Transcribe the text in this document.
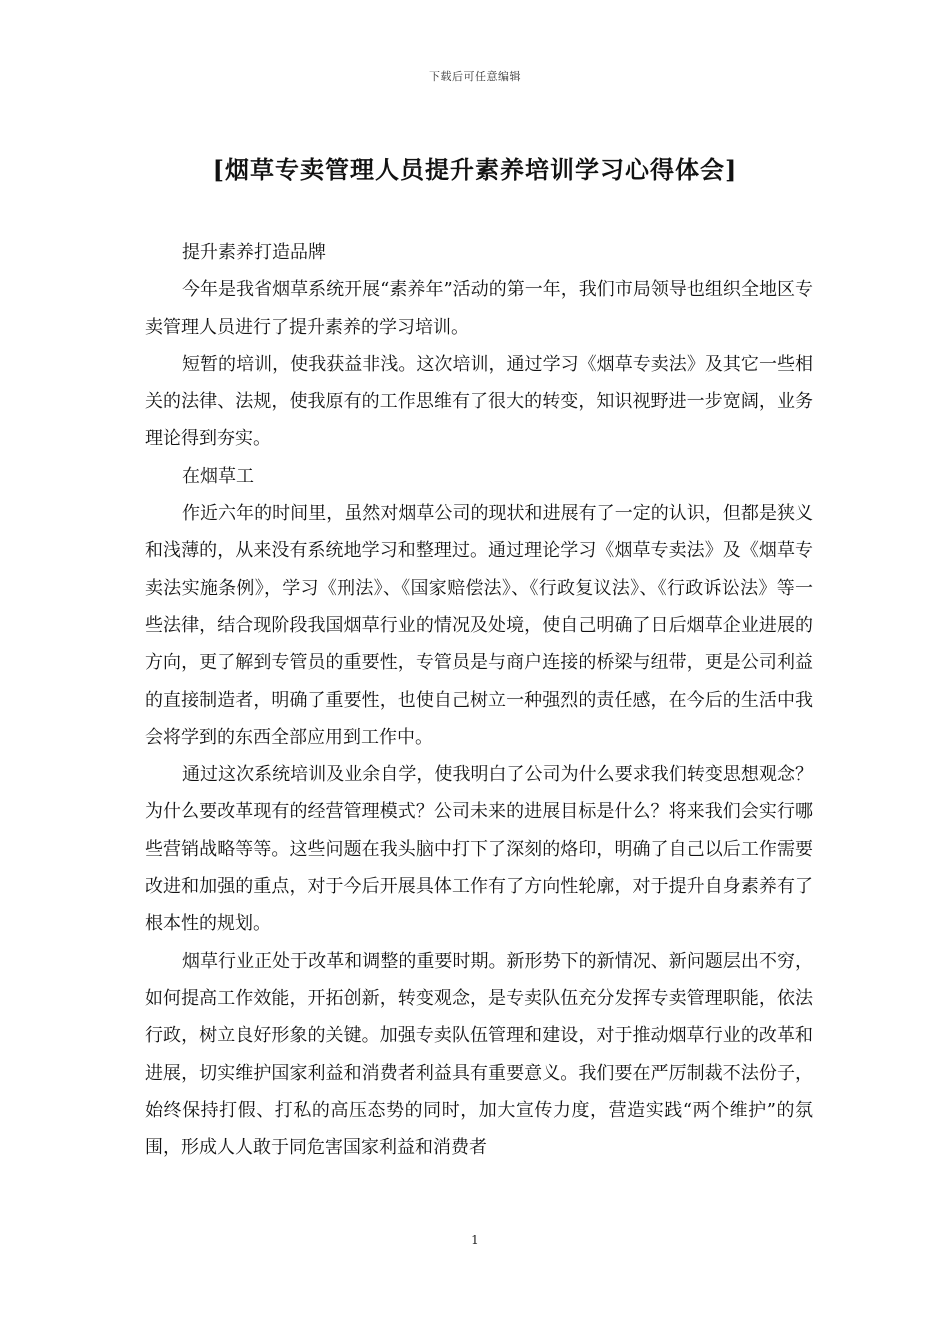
下载后可任意编辑
[烟草专卖管理人员提升素养培训学习心得体会]

提升素养打造品牌

今年是我省烟草系统开展“素养年”活动的第一年，我们市局领导也组织全地区专卖管理人员进行了提升素养的学习培训。

短暂的培训，使我获益非浅。这次培训，通过学习《烟草专卖法》及其它一些相关的法律、法规，使我原有的工作思维有了很大的转变，知识视野进一步宽阔，业务理论得到夯实。

在烟草工

作近六年的时间里，虽然对烟草公司的现状和进展有了一定的认识，但都是狭义和浅薄的，从来没有系统地学习和整理过。通过理论学习《烟草专卖法》及《烟草专卖法实施条例》，学习《刑法》、《国家赔偿法》、《行政复议法》、《行政诉讼法》等一些法律，结合现阶段我国烟草行业的情况及处境，使自己明确了日后烟草企业进展的方向，更了解到专管员的重要性，专管员是与商户连接的桥梁与纽带，更是公司利益的直接制造者，明确了重要性，也使自己树立一种强烈的责任感，在今后的生活中我会将学到的东西全部应用到工作中。

通过这次系统培训及业余自学，使我明白了公司为什么要求我们转变思想观念？为什么要改革现有的经营管理模式？公司未来的进展目标是什么？将来我们会实行哪些营销战略等等。这些问题在我头脑中打下了深刻的烙印，明确了自己以后工作需要改进和加强的重点，对于今后开展具体工作有了方向性轮廓，对于提升自身素养有了根本性的规划。

烟草行业正处于改革和调整的重要时期。新形势下的新情况、新问题层出不穷，如何提高工作效能，开拓创新，转变观念，是专卖队伍充分发挥专卖管理职能，依法行政，树立良好形象的关键。加强专卖队伍管理和建设，对于推动烟草行业的改革和进展，切实维护国家利益和消费者利益具有重要意义。我们要在严厉制裁不法份子，始终保持打假、打私的高压态势的同时，加大宣传力度，营造实践“两个维护”的氛围，形成人人敢于同危害国家利益和消费者

1
